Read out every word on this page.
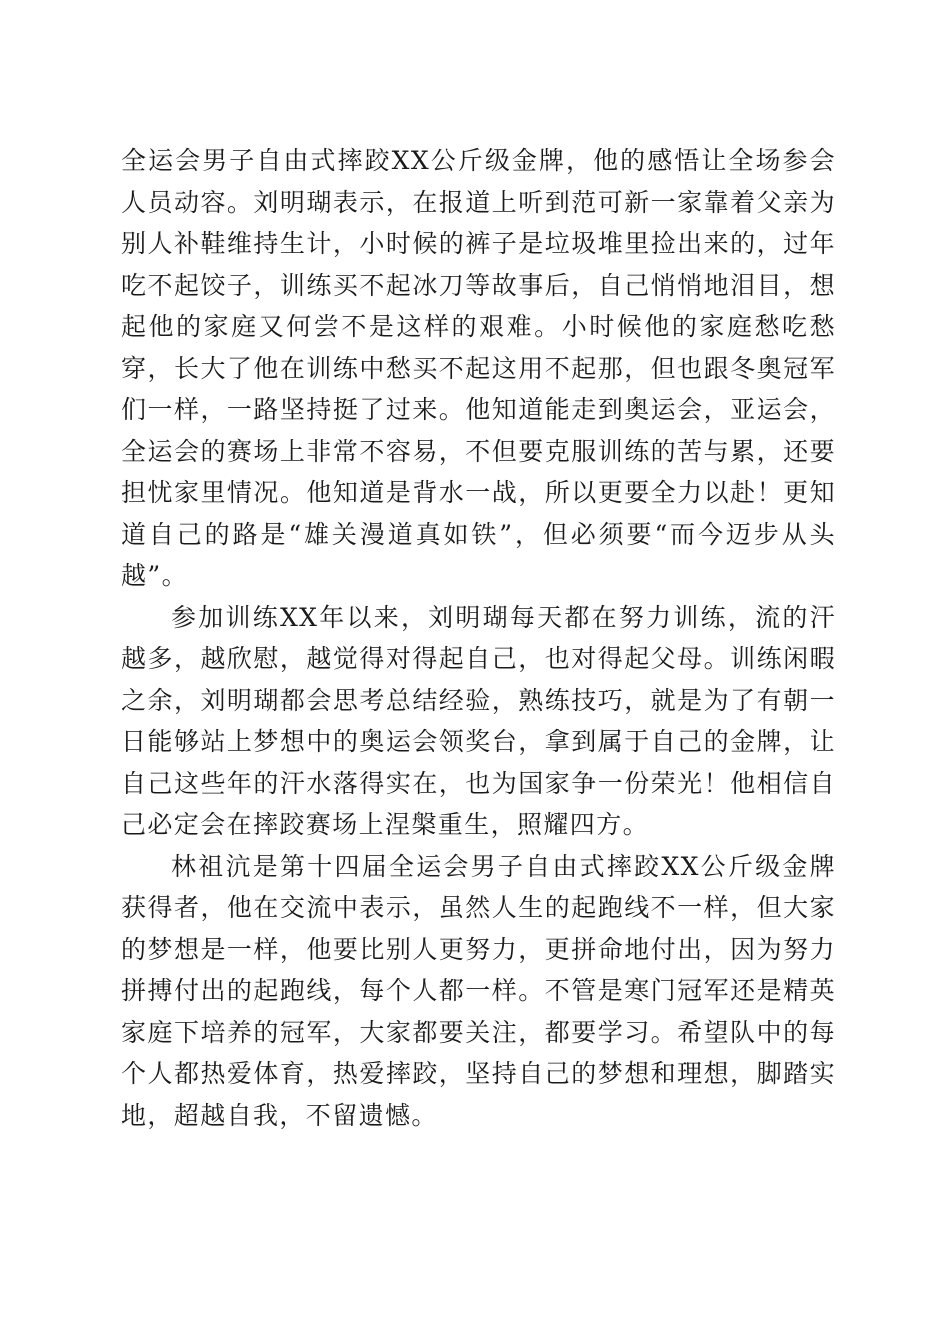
全运会男子自由式摔跤XX公斤级金牌，他的感悟让全场参会人员动容。刘明瑚表示，在报道上听到范可新一家靠着父亲为别人补鞋维持生计，小时候的裤子是垃圾堆里捡出来的，过年吃不起饺子，训练买不起冰刀等故事后，自己悄悄地泪目，想起他的家庭又何尝不是这样的艰难。小时候他的家庭愁吃愁穿，长大了他在训练中愁买不起这用不起那，但也跟冬奥冠军们一样，一路坚持挺了过来。他知道能走到奥运会，亚运会，全运会的赛场上非常不容易，不但要克服训练的苦与累，还要担忧家里情况。他知道是背水一战，所以更要全力以赴！更知道自己的路是“雄关漫道真如铁”，但必须要“而今迈步从头越”。

参加训练XX年以来，刘明瑚每天都在努力训练，流的汗越多，越欣慰，越觉得对得起自己，也对得起父母。训练闲暇之余，刘明瑚都会思考总结经验，熟练技巧，就是为了有朝一日能够站上梦想中的奥运会领奖台，拿到属于自己的金牌，让自己这些年的汗水落得实在，也为国家争一份荣光！他相信自己必定会在摔跤赛场上涅槃重生，照耀四方。

林祖沆是第十四届全运会男子自由式摔跤XX公斤级金牌获得者，他在交流中表示，虽然人生的起跑线不一样，但大家的梦想是一样，他要比别人更努力，更拼命地付出，因为努力拼搏付出的起跑线，每个人都一样。不管是寒门冠军还是精英家庭下培养的冠军，大家都要关注，都要学习。希望队中的每个人都热爱体育，热爱摔跤，坚持自己的梦想和理想，脚踏实地，超越自我，不留遗憾。
